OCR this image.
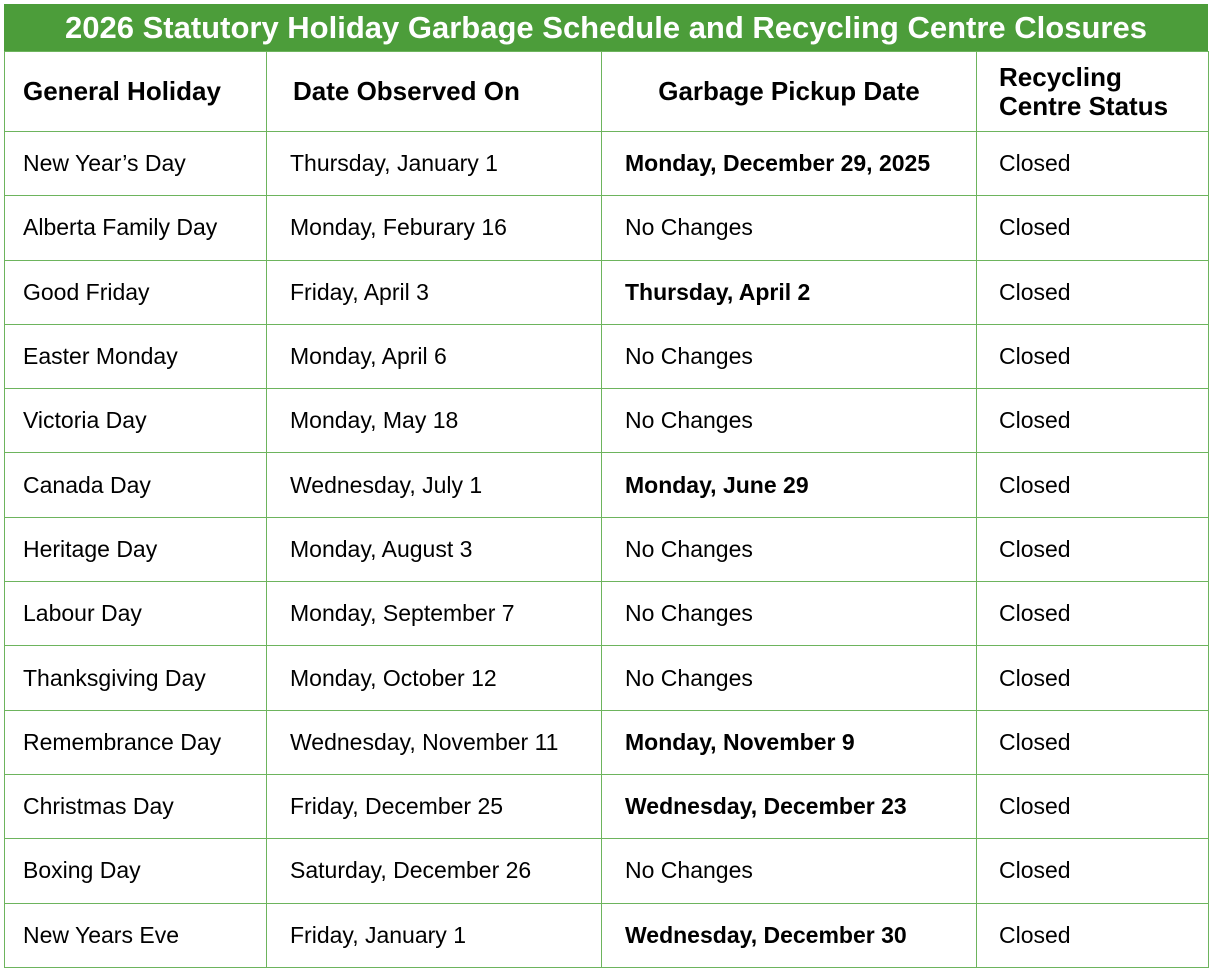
2026 Statutory Holiday Garbage Schedule and Recycling Centre Closures
General Holiday	Date Observed On	Garbage Pickup Date	Recycling
Centre Status
New Year’s Day	Thursday, January 1	Monday, December 29, 2025	Closed
Alberta Family Day	Monday, Feburary 16	No Changes	Closed
Good Friday	Friday, April 3	Thursday, April 2	Closed
Easter Monday	Monday, April 6	No Changes	Closed
Victoria Day	Monday, May 18	No Changes	Closed
Canada Day	Wednesday, July 1	Monday, June 29	Closed
Heritage Day	Monday, August 3	No Changes	Closed
Labour Day	Monday, September 7	No Changes	Closed
Thanksgiving Day	Monday, October 12	No Changes	Closed
Remembrance Day	Wednesday, November 11	Monday, November 9	Closed
Christmas Day	Friday, December 25	Wednesday, December 23	Closed
Boxing Day	Saturday, December 26	No Changes	Closed
New Years Eve	Friday, January 1	Wednesday, December 30	Closed
